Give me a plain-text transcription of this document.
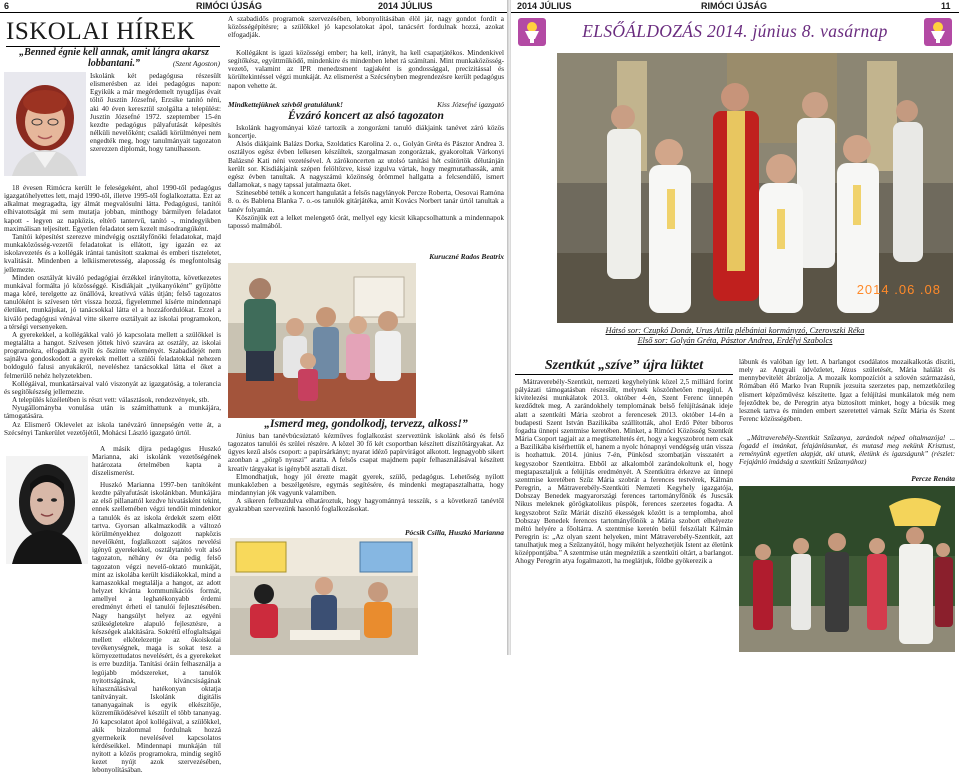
6	RIMÓCI ÚJSÁG	2014 JÚLIUS
ISKOLAI HÍREK
„Benned égnie kell annak, amit lángra akarsz lobbantani.”	(Szent Agoston)

Iskolánk két pedagógusa részesült elismerésben az idei pedagógus napon: Egyikük a már megérdemelt nyugdíjas évait töltő Jusztin Józsefné, Erzsike tanító néni, aki 40 éven keresztül szolgálta a települést: Jusztin Józsefné 1972. szeptember 15-én kezdte pedagógus pályafutását képesítés nélküli nevelőként; családi körülményei nem engedték meg, hogy tanulmányait tagozaton szerezzen diplomát, hogy tanulhasson.

18 évesen Rimócra került le feleségeként, ahol 1990-től pedagógus igazgatóhelyettes lett, majd 1990-től, illetve 1995-től foglalkoztatta. Ezt az alkalmat megragadta, így álmát megvalósulni látta. Pedagógusi, tanítói elhivatottságát mi sem mutatja jobban, minthogy bármilyen feladatot kapott - legyen az napközis, eltérő tantervű, tanító -, mindegyikben maximálisan teljesített. Egyetlen feladatot sem kezelt másodrangúként.

Tanítói képesítést szerezve mindvégig osztályfőnöki feladatokat, majd munkaközösség-vezetői feladatokat is ellátott, így igazán ez az iskolavezetés és a kollégák irántai tanúsított szakmai és emberi tiszteletet, kvalitását. Mindenben a lelkiismeretesség, alaposság és megfontoltság jellemezte.

Minden osztályát kiváló pedagógiai érzékkel irányította, következetes munkával formálta jó közösséggé. Kisdiákjait „tyúkanyóként” gyűjtötte maga köré, terelgette az önállóvá, kreatívvá válás útján; felső tagozatos tanulóként is szívesen tért vissza hozzá, figyelemmel kísérte mindennapi életüket, munkájukat, jó tanácsokkal látta el a hozzáfordulókat. Ezzel a kiváló pedagógusi vénával vitte sikerre osztályait az iskolai programokon, a térségi versenyeken.

A gyerekekkel, a kollégákkal való jó kapcsolata mellett a szülőkkel is megtalálta a hangot. Szívesen jöttek hivó szavára az osztály, az iskolai programokra, elfogadták nyílt és őszinte véleményét. Szabadidejét nem sajnálva gondoskodott a gyerekek mellett a szülői feladatokkal nehezen boldoguló falusi anyukákról, neveléshez tanácsokkal látta el őket a felmerülő nehéz helyzetekben.

Kollégáival, munkatársaival való viszonyát az igazgatóság, a tolerancia és segítőkészség jellemezte.

A település közéletében is részt vett: választások, rendezvények, stb.

Nyugállományba vonulása után is számíthattunk a munkájára, támogatására.

Az Elismerő Oklevelet az iskola tanévzáró ünnepségén vette át, a Szécsényi Tankerület vezetőjétől, Mohácsi László igazgató úrtól.

A másik díjra pedagógus Huszkó Marianna, aki iskolánk vezetőségének határozata értelmében kapta a díszelismerést.

Huszkó Marianna 1997-ben tanítóként kezdte pályafutását iskolánkban. Munkájára az első pillanattól kezdve hivatásként tekint, ennek szellemében végzi tendőit mindenkor a tanulók és az iskola érdekét szem előtt tartva. Gyorsan alkalmazkodik a változó körülményekhez dolgozott napközis nevelőként, foglalkozott sajátos nevelési igényű gyerekekkel, osztálytanító volt alsó tagozaton, néhány év óta pedig felső tagozaton végzi nevelő-oktató munkáját, mint az iskolába került kisdiákokkal, mind a kamaszokkal megtalálja a hangot, az adott helyzet kívánta kommunikációs formát, amellyel a leghatékonyabb érdemi eredményt érheti el tanulói fejlesztésében. Nagy hangsúlyt helyez az egyéni szükségletekre alapuló fejlesztésre, a készségek alakítására. Sokrétű elfoglaltságai mellett elkötelezettje az ökoiskolai tevékenységnek, maga is sokat tesz a környezettudatos nevelésért, és a gyerekeket is erre buzdítja. Tanítási óráin felhasználja a legújabb módszereket, a tanulók nyitottságának, kíváncsiságának kihasználásával hatékonyan oktatja tanítványait. Iskolánk digitális tananyagainak is egyik elkészítője, közreműködésével készült el több tananyag. Jó kapcsolatot ápol kollégáival, a szülőkkel, akik bizalommal fordulnak hozzá gyermekeik nevelésével kapcsolatos kérdéseikkel. Mindennapi munkáján túl nyitott a közös programokra, mindig segítő kezet nyújt azok szervezésében, lebonyolításában.

A szabadidős programok szervezésében, lebonyolításában élöl jár, nagy gondot fordít a közösségépítésre; a szülőkkel jó kapcsolatokat ápol, tanácsért fordulnak hozzá, azokat elfogadják.

Kollégáknt is igazi közösségi ember; ha kell, irányít, ha kell csapatjátékos. Mindenkivel segítőkész, együttműködő, mindenkire és mindenben lehet rá számítani. Mint munkaközösség-vezető, valamint az IPR menedzsment tagjaként is gondossággal, precizitással és körültekintéssel végzi munkáját. Az elismerést a Szécsényben megrendezésre került pedagógus napon vehette át.

Mindkettejüknek szívből gratulálunk!	Kiss Józsefné igazgató
Évzáró koncert az alsó tagozaton

Iskolánk hagyományai közé tartozik a zongorázni tanuló diákjaink tanévet záró közös koncertje.

Alsós diákjaink Balázs Dorka, Szoldatics Karolina 2. o., Golyán Gréta és Pásztor Andrea 3. osztályos egész évben lelkesen készültek, szorgalmasan zongoráztak, gyakoroltak Várkonyi Balázsné Kati néni vezetésével. A zárókoncerten az utolsó tanítási hét csütörtök délutánján került sor. Kisdiákjaink szépen felöltözve, kissé izgulva vártak, hogy megmutathassák, amit egész évben tanultak. A nagyszámú közönség örömmel hallgatta a felcsendülő, ismert dallamokat, s nagy tapssal jutalmazta őket.

Színesebbé tették a koncert hangulatát a felsős nagylányok Percze Roberta, Oesovai Ramóna 8. o. és Bablena Blanka 7. o.-os tanulók gitárjátéka, amit Kovács Norbert tanár úrtól tanultak a tanév folyamán.

Köszönjük ezt a lelket melengető órát, mellyel egy kicsit kikapcsolhattunk a mindennapok tapossó malmából.

Kuruczné Rados Beatrix
„Ismerd meg, gondolkodj, tervezz, alkoss!”

Június ban tanévbúcsúztató kézműves foglalkozást szerveztünk iskolánk alsó és felső tagozatos tanulói és szülei részére. A közel 30 fő két csoportban készített díszítőtárgyakat. Az ügyes kezű alsós csoport: a papírsárkányt; nyarat idéző papírvirágot alkotott. legnagyobb sikert azonban a „pörgő nyuszi” aratta. A felsős csapat majdnem papír felhasználásával készített kreatív tárgyakat is igényből asztali díszt.

Elmondhatjuk, hogy jól érezte magát gyerek, szülő, pedagógus. Lehetőség nyílott munkaközben a beszélgetésre, egymás segítésére, és mindenki megtapasztalhatta, hogy mindannyian jók vagyunk valamiben.

A sikeren felbuzdulva elhatároztuk, hogy hagyománnyá tesszük, s a következő tanévtől gyakrabban szervezünk hasonló foglalkozásokat.

Pócsik Csilla, Huszkó Marianna
2014 JÚLIUS	RIMÓCI ÚJSÁG	11
ELSŐÁLDOZÁS 2014. június 8. vasárnap
2014 .06 .08
Hátsó sor: Czupkó Donát, Urus Attila plébániai kormányzó, Czerovszki Réka
Első sor: Golyán Gréta, Pásztor Andrea, Erdélyi Szabolcs
Szentkút „szíve” újra lüktet

Mátraverebély-Szentkút, nemzeti kegyhelyünk közel 2,5 milliárd forint pályázati támogatásban részesült, melynek köszönhetően megújul. A kivitelezési munkálatok 2013. október 4-én, Szent Ferenc ünnepén kezdődtek meg. A zarándokhely templomának belső felújításának ideje alatt a szentkúti Mária szobrot a ferencesek 2013. október 14-én a budapesti Szent István Bazilikába szállították, ahol Erdő Péter bíboros fogadta ünnepi szentmise keretében. Minket, a Rimóci Közösség Szentkút Mária Csoport tagjait az a megtiszteltetés ért, hogy a kegyszobrot nem csak a Bazilikába kísérhettük el, hanem a nyolc hónapnyi vendégség után vissza is hozhattuk. 2014. június 7-én, Pünkösd szombatján visszatért a kegyszobor Szentkútra. Ebből az alkalomból zarándokoltunk el, hogy megtapasztaljuk a felújítás eredményét. A Szentkútra érkezve az ünnepi szentmise keretében Szűz Mária szobrát a ferences testvérek, Kálmán Peregrin, a Mátraverebély-Szentkúti Nemzeti Kegyhely igazgatója, Dobszay Benedek magyarországi ferences tartományfőnök és Juscsák Nikus meleknek görögkatolikus püspök, ferences szerzetes fogadta. A kegyszobrot Szűz Máriát díszítő ékességek között is a templomba, ahol Dobszay Benedek ferences tartományfőnök a Mária szobort elhelyezte méltó helyére a főoltárra. A szentmise keretén belül felszólalt Kálmán Peregrin is: „Az olyan szent helyeken, mint Mátraverebély-Szentkút, azt tanulhatjuk meg a Szűzanyától, hogy miként helyezhetjük Istent az életünk középpontjába.” A szentmise után megnéztük a szentkúti oltárt, a barlangot. Ahogy Peregrin atya fogalmazott, ha meglátjuk, földbe gyökerezik a

lábunk és valóban így lett. A barlangot csodálatos mozaikalkotás díszíti, mely az Angyali üdvözletet, Jézus születését, Mária halálát és mennybevitelét ábrázolja. A mozaik kompozíciót a szlovén származású, Rómában élő Marko Ivan Rupnik jezsuita szerzetes pap, nemzetközileg elismert képzőművész készítette. Igaz a felújítási munkálatok még nem fejeződtek be, de Peregrin atya biztosított minket, hogy a búcsúk meg lesznek tartva és minden embert szeretettel várnak Szűz Mária és Szent Ferenc közösségében.

„Mátraverebély-Szentkút Szűzanya, zarándok néped oltalmazója! ... fogadd el imánkat, felajánlásunkat, és mutasd meg nekünk Krisztust, reményünk egyetlen alapját, aki utunk, életünk és igazságunk” (részlet: Fejajánló imádság a szentkúti Szűzanyához)

Percze Renáta
